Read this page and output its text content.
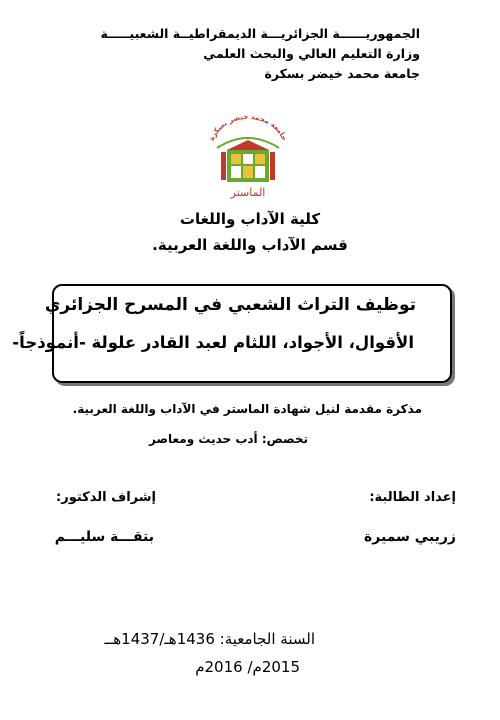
الجمهوريــــــة الجزائريـــة الديمقراطيــة الشعبيـــــة
وزارة التعليم العالي والبحث العلمي
جامعة محمد خيضر بسكرة
جامعة محمد خيضر بسكرة
الماستر
كلية الآداب واللغات
قسم الآداب واللغة العربية.
توظيف التراث الشعبي في المسرح الجزائري
الأقوال، الأجواد، اللثام لعبد القادر علولة -أنموذجاً-
مذكرة مقدمة لنيل شهادة الماستر في الآداب واللغة العربية.
تخصص: أدب حديث ومعاصر
إعداد الطالبة:
إشراف الدكتور:
زريبي سميرة
بتقـــة سليـــم
السنة الجامعية: 1436هـ/1437هــ
2015م/ 2016م
